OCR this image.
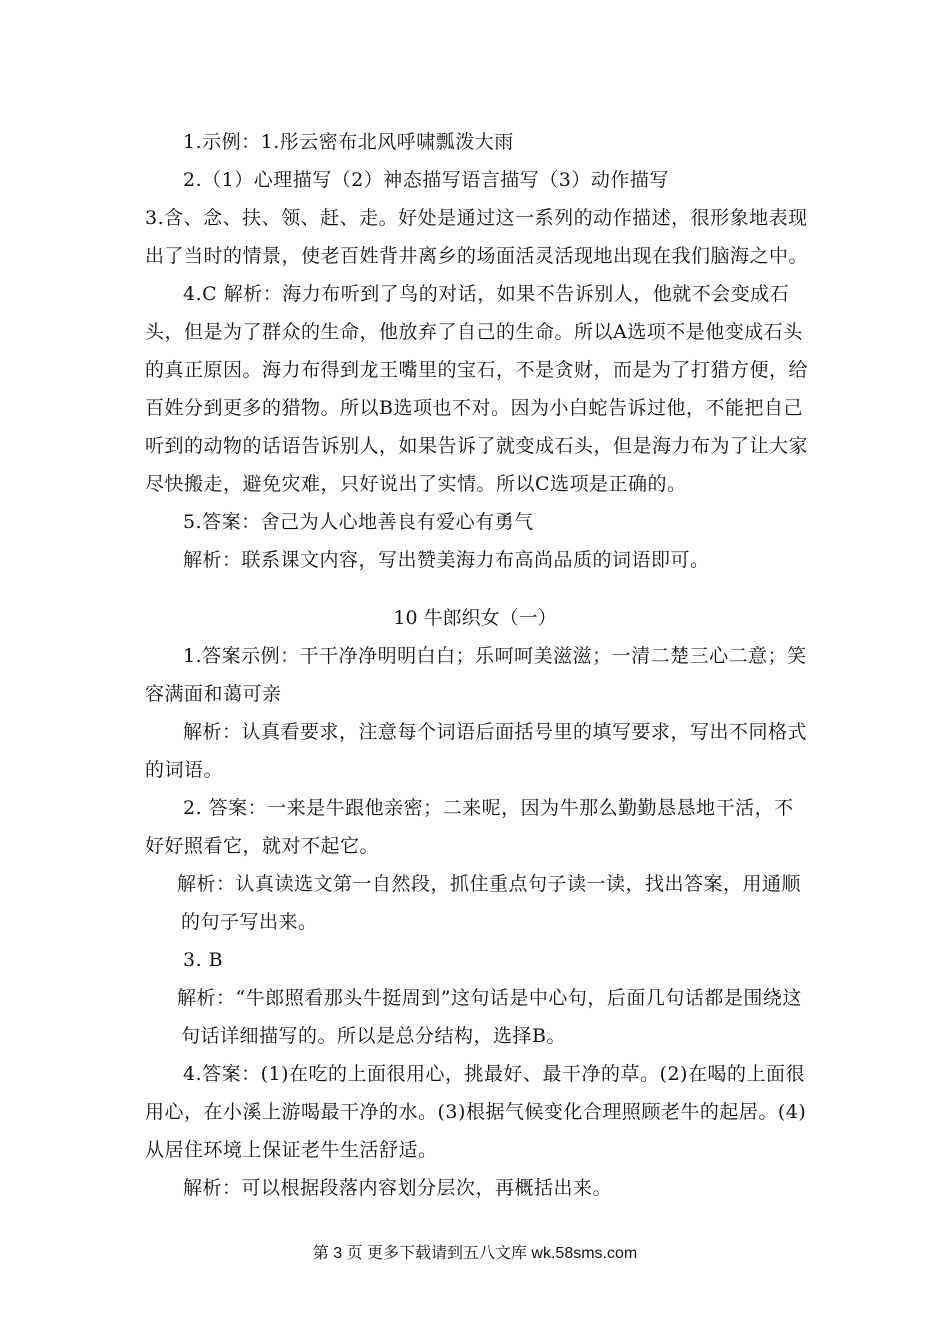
1.示例：1.彤云密布北风呼啸瓢泼大雨

2.（1）心理描写（2）神态描写语言描写（3）动作描写

3.含、念、扶、领、赶、走。好处是通过这一系列的动作描述，很形象地表现出了当时的情景，使老百姓背井离乡的场面活灵活现地出现在我们脑海之中。

4.C 解析：海力布听到了鸟的对话，如果不告诉别人，他就不会变成石头，但是为了群众的生命，他放弃了自己的生命。所以A选项不是他变成石头的真正原因。海力布得到龙王嘴里的宝石，不是贪财，而是为了打猎方便，给百姓分到更多的猎物。所以B选项也不对。因为小白蛇告诉过他，不能把自己听到的动物的话语告诉别人，如果告诉了就变成石头，但是海力布为了让大家尽快搬走，避免灾难，只好说出了实情。所以C选项是正确的。

5.答案：舍己为人心地善良有爱心有勇气

解析：联系课文内容，写出赞美海力布高尚品质的词语即可。

10 牛郎织女（一）

1.答案示例：干干净净明明白白；乐呵呵美滋滋；一清二楚三心二意；笑容满面和蔼可亲

解析：认真看要求，注意每个词语后面括号里的填写要求，写出不同格式的词语。

2. 答案：一来是牛跟他亲密；二来呢，因为牛那么勤勤恳恳地干活，不好好照看它，就对不起它。

解析：认真读选文第一自然段，抓住重点句子读一读，找出答案，用通顺的句子写出来。

3. B

解析：“牛郎照看那头牛挺周到”这句话是中心句，后面几句话都是围绕这句话详细描写的。所以是总分结构，选择B。

4.答案：(1)在吃的上面很用心，挑最好、最干净的草。(2)在喝的上面很用心，在小溪上游喝最干净的水。(3)根据气候变化合理照顾老牛的起居。(4)从居住环境上保证老牛生活舒适。

解析：可以根据段落内容划分层次，再概括出来。

第 3 页 更多下载请到五八文库 wk.58sms.com
